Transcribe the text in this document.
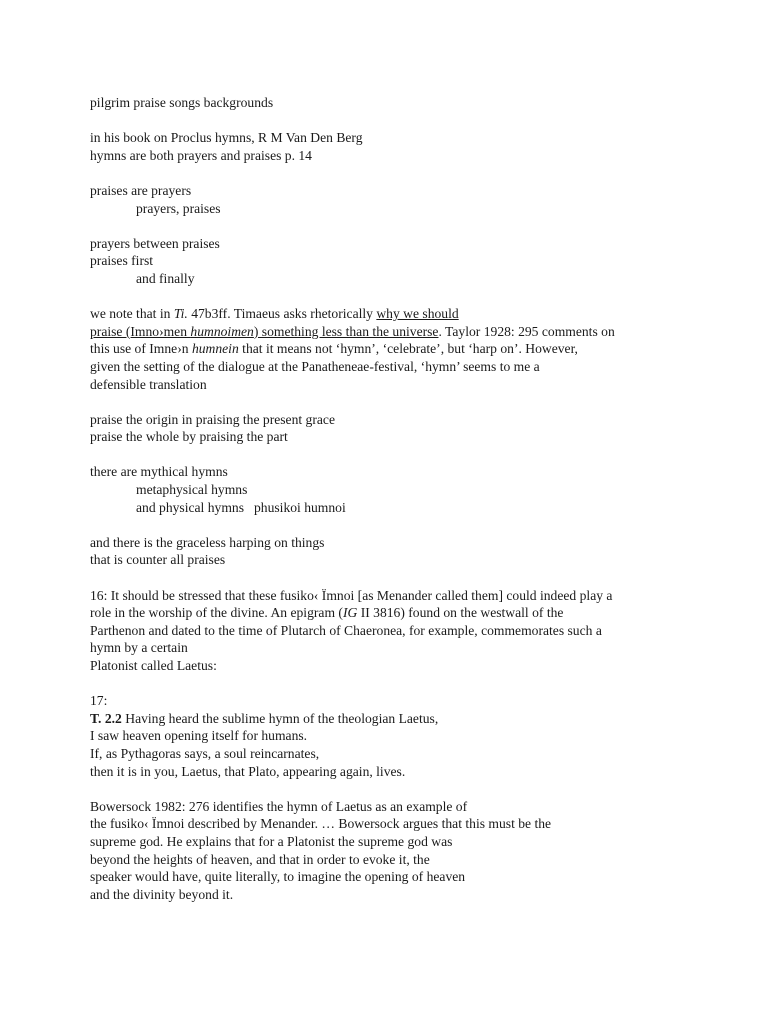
pilgrim praise songs backgrounds
in his book on Proclus hymns, R M Van Den Berg
hymns are both prayers and praises p. 14
praises are prayers
prayers, praises
prayers between praises
praises first
and finally
we note that in Ti. 47b3ff. Timaeus asks rhetorically why we should
praise (Imno›men humnoimen) something less than the universe. Taylor 1928: 295 comments on
this use of Imne›n humnein that it means not ‘hymn’, ‘celebrate’, but ‘harp on’. However,
given the setting of the dialogue at the Panatheneae-festival, ‘hymn’ seems to me a
defensible translation
praise the origin in praising the present grace
praise the whole by praising the part
there are mythical hymns
metaphysical hymns
and physical hymns phusikoi humnoi
and there is the graceless harping on things
that is counter all praises
16: It should be stressed that these fusiko‹ Ïmnoi [as Menander called them] could indeed play a
role in the worship of the divine. An epigram (IG II 3816) found on the westwall of the
Parthenon and dated to the time of Plutarch of Chaeronea, for example, commemorates such a
hymn by a certain
Platonist called Laetus:
17:
T. 2.2 Having heard the sublime hymn of the theologian Laetus,
I saw heaven opening itself for humans.
If, as Pythagoras says, a soul reincarnates,
then it is in you, Laetus, that Plato, appearing again, lives.
Bowersock 1982: 276 identifies the hymn of Laetus as an example of
the fusiko‹ Ïmnoi described by Menander. … Bowersock argues that this must be the
supreme god. He explains that for a Platonist the supreme god was
beyond the heights of heaven, and that in order to evoke it, the
speaker would have, quite literally, to imagine the opening of heaven
and the divinity beyond it.
